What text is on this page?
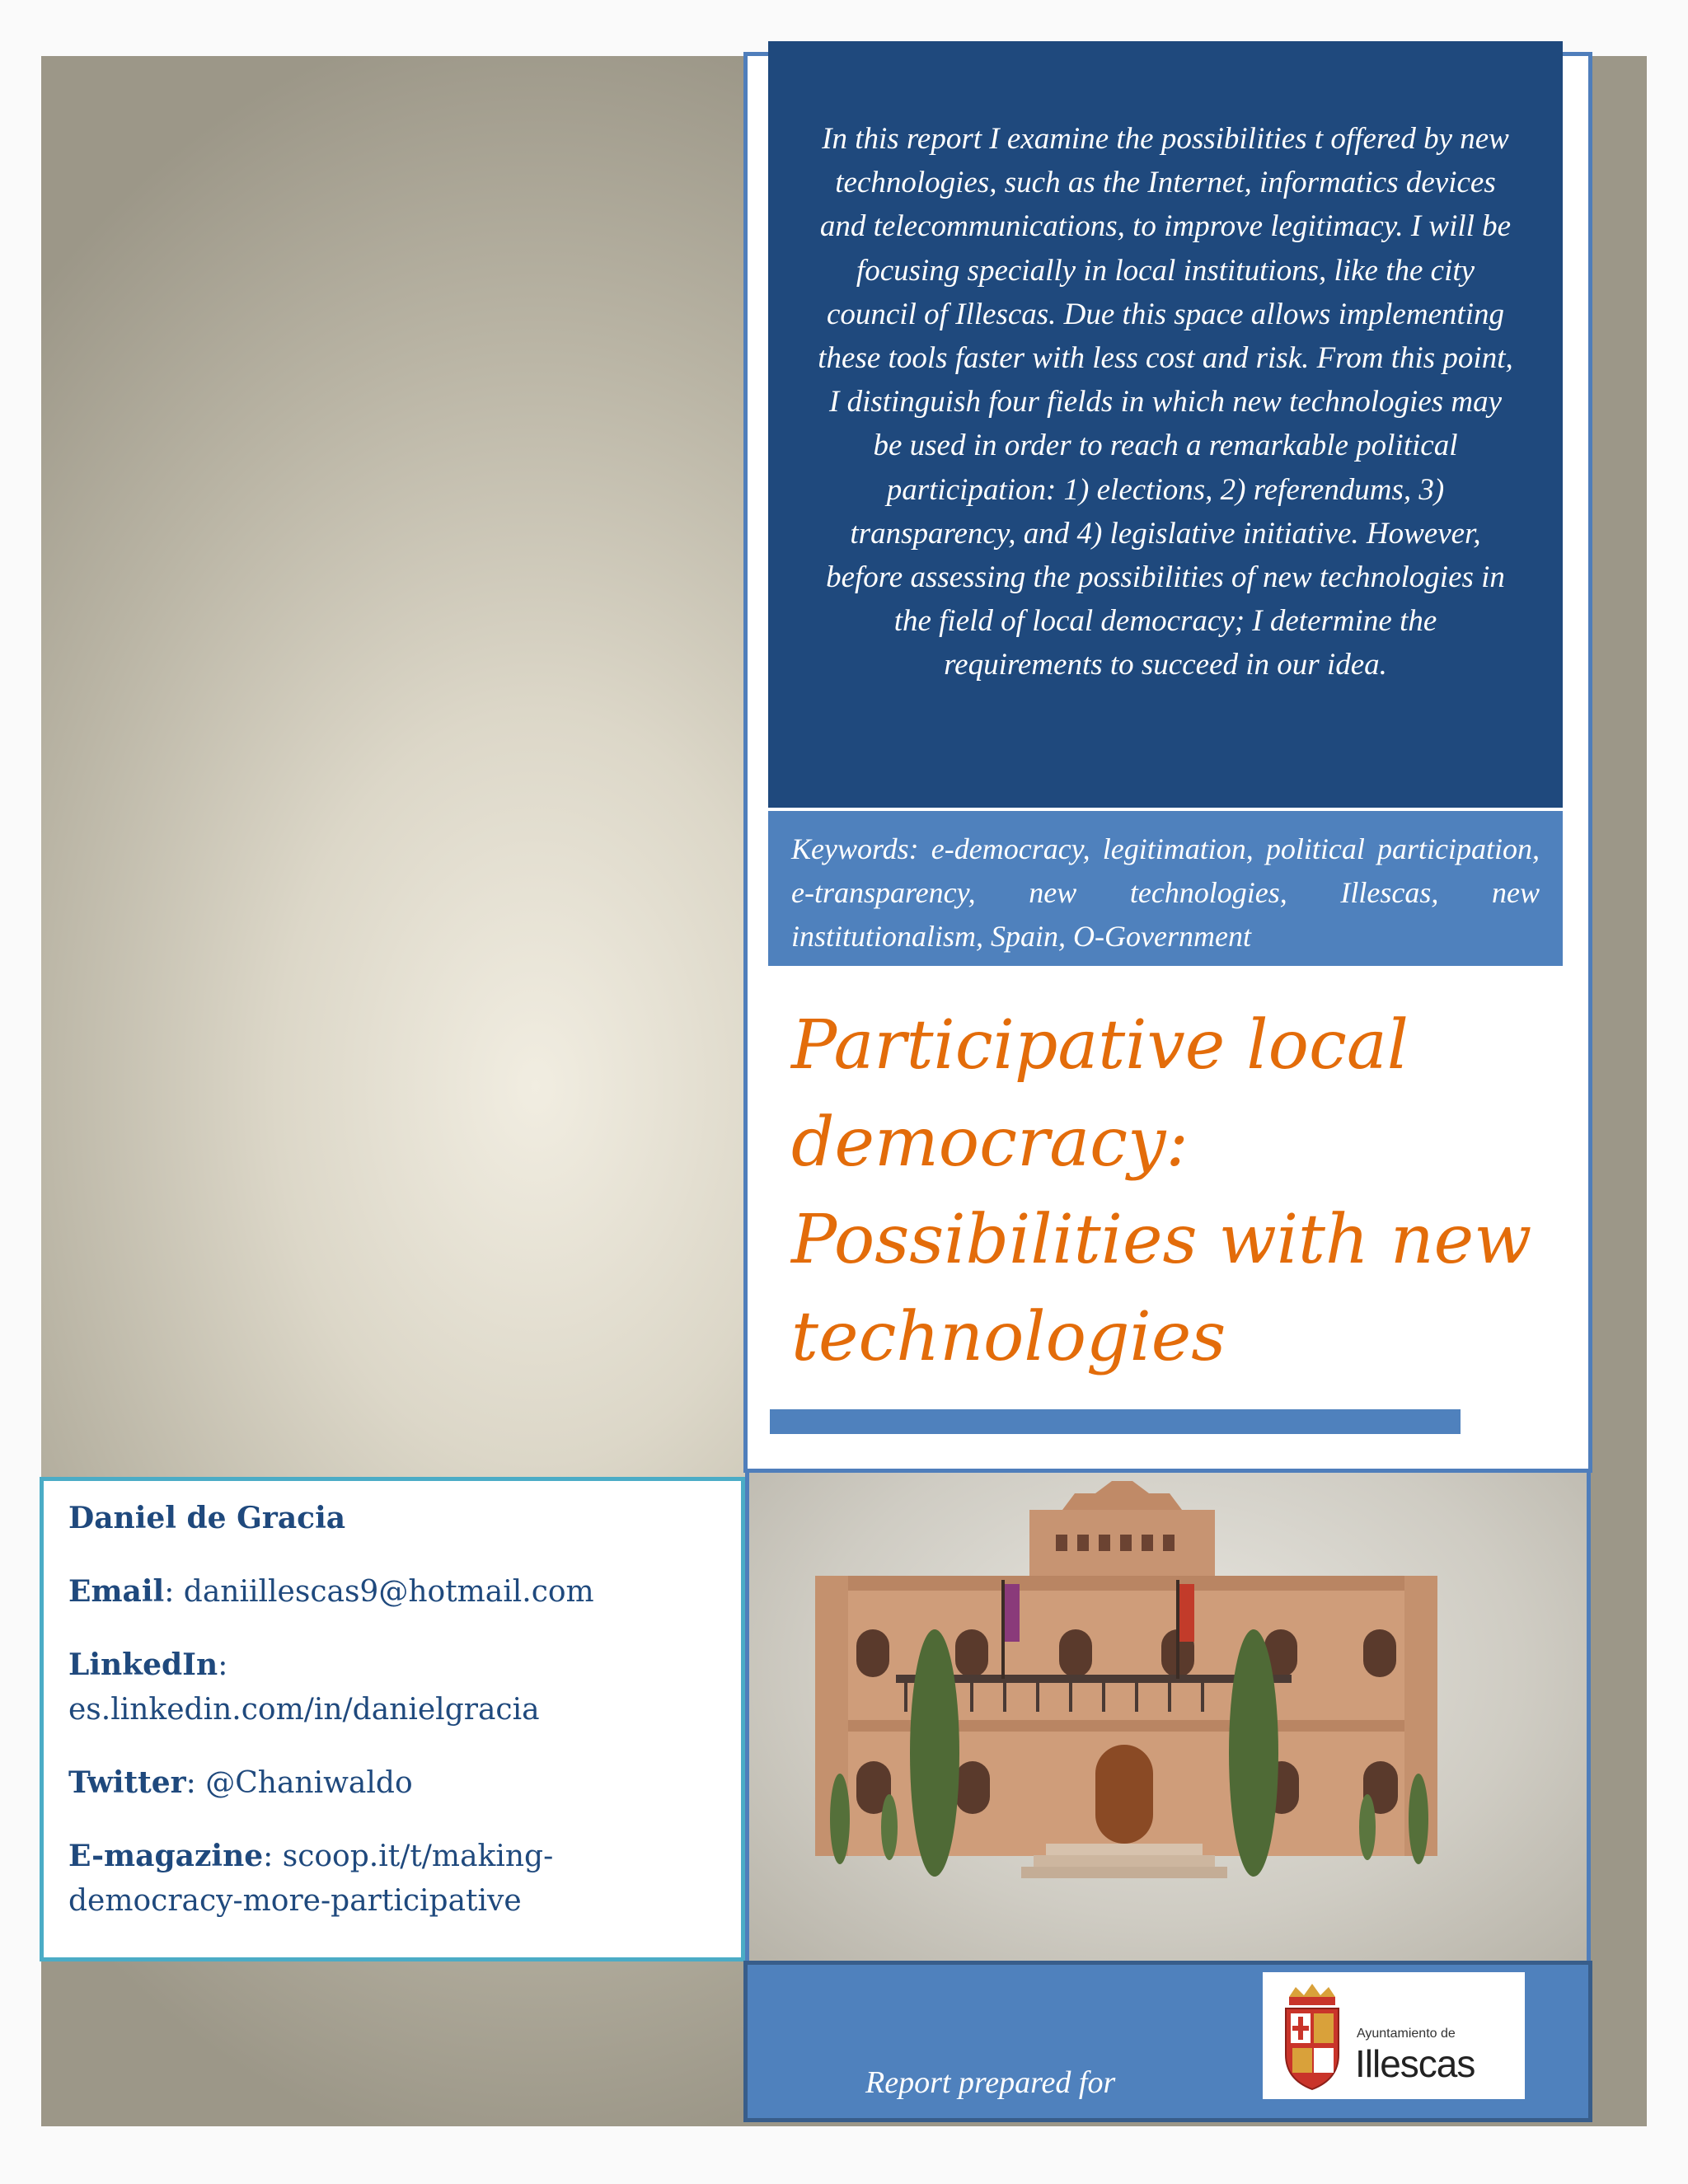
In this report I examine the possibilities t offered by new technologies, such as the Internet, informatics devices and telecommunications, to improve legitimacy. I will be focusing specially in local institutions, like the city council of Illescas. Due this space allows implementing these tools faster with less cost and risk. From this point, I distinguish four fields in which new technologies may be used in order to reach a remarkable political participation: 1) elections, 2) referendums, 3) transparency, and 4) legislative initiative. However, before assessing the possibilities of new technologies in the field of local democracy; I determine the requirements to succeed in our idea.

Keywords: e-democracy, legitimation, political participation, e-transparency, new technologies, Illescas, new institutionalism, Spain, O-Government

Participative local democracy: Possibilities with new technologies

Daniel de Gracia

Email: daniillescas9@hotmail.com

LinkedIn:
es.linkedin.com/in/danielgracia

Twitter: @Chaniwaldo

E-magazine: scoop.it/t/making-democracy-more-participative

Report prepared for

Ayuntamiento de
Illescas
